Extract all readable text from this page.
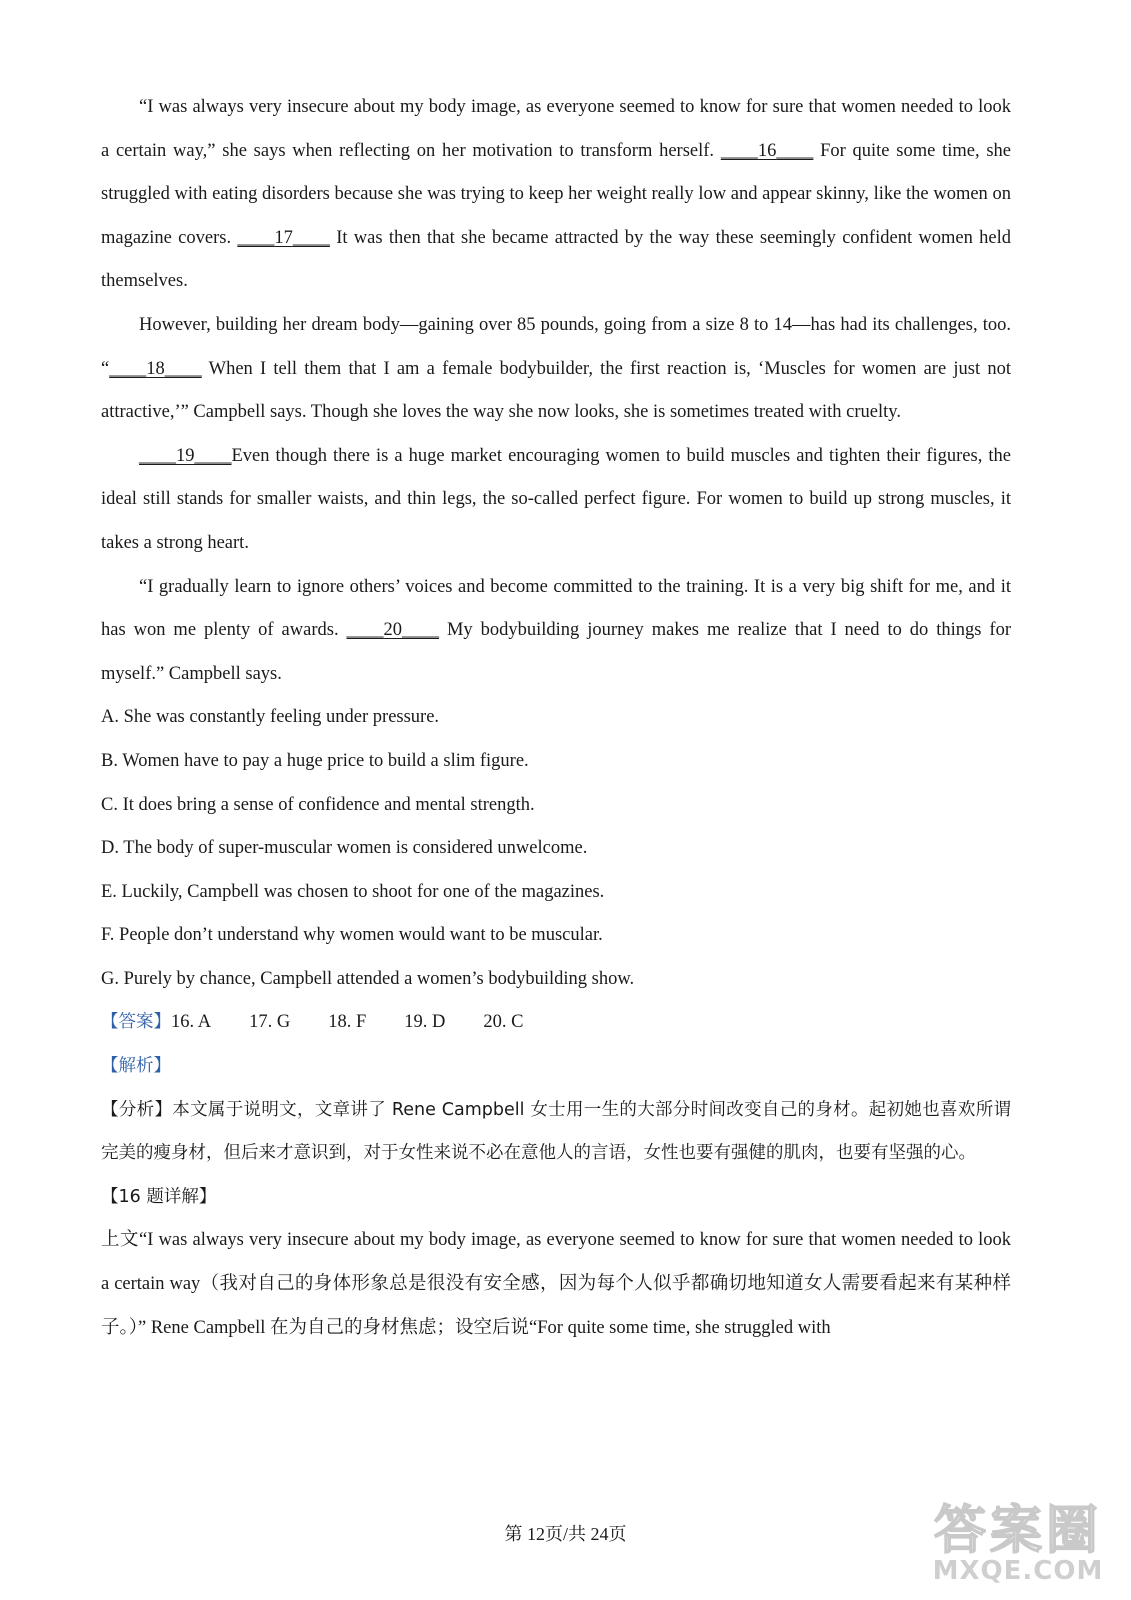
“I was always very insecure about my body image, as everyone seemed to know for sure that women needed to look a certain way,” she says when reflecting on her motivation to transform herself. ____16____ For quite some time, she struggled with eating disorders because she was trying to keep her weight really low and appear skinny, like the women on magazine covers. ____17____ It was then that she became attracted by the way these seemingly confident women held themselves.

However, building her dream body—gaining over 85 pounds, going from a size 8 to 14—has had its challenges, too. “____18____ When I tell them that I am a female bodybuilder, the first reaction is, ‘Muscles for women are just not attractive,’” Campbell says. Though she loves the way she now looks, she is sometimes treated with cruelty.

____19____Even though there is a huge market encouraging women to build muscles and tighten their figures, the ideal still stands for smaller waists, and thin legs, the so-called perfect figure. For women to build up strong muscles, it takes a strong heart.

“I gradually learn to ignore others’ voices and become committed to the training. It is a very big shift for me, and it has won me plenty of awards. ____20____ My bodybuilding journey makes me realize that I need to do things for myself.” Campbell says.

A. She was constantly feeling under pressure.

B. Women have to pay a huge price to build a slim figure.

C. It does bring a sense of confidence and mental strength.

D. The body of super-muscular women is considered unwelcome.

E. Luckily, Campbell was chosen to shoot for one of the magazines.

F. People don’t understand why women would want to be muscular.

G. Purely by chance, Campbell attended a women’s bodybuilding show.

【答案】16. A 17. G 18. F 19. D 20. C

【解析】

【分析】本文属于说明文，文章讲了 Rene Campbell 女士用一生的大部分时间改变自己的身材。起初她也喜欢所谓完美的瘦身材，但后来才意识到，对于女性来说不必在意他人的言语，女性也要有强健的肌肉，也要有坚强的心。

【16 题详解】

上文“I was always very insecure about my body image, as everyone seemed to know for sure that women needed to look a certain way（我对自己的身体形象总是很没有安全感，因为每个人似乎都确切地知道女人需要看起来有某种样子。）” Rene Campbell 在为自己的身材焦虑；设空后说“For quite some time, she struggled with

第 12页/共 24页	答案圈
MXQE.COM
